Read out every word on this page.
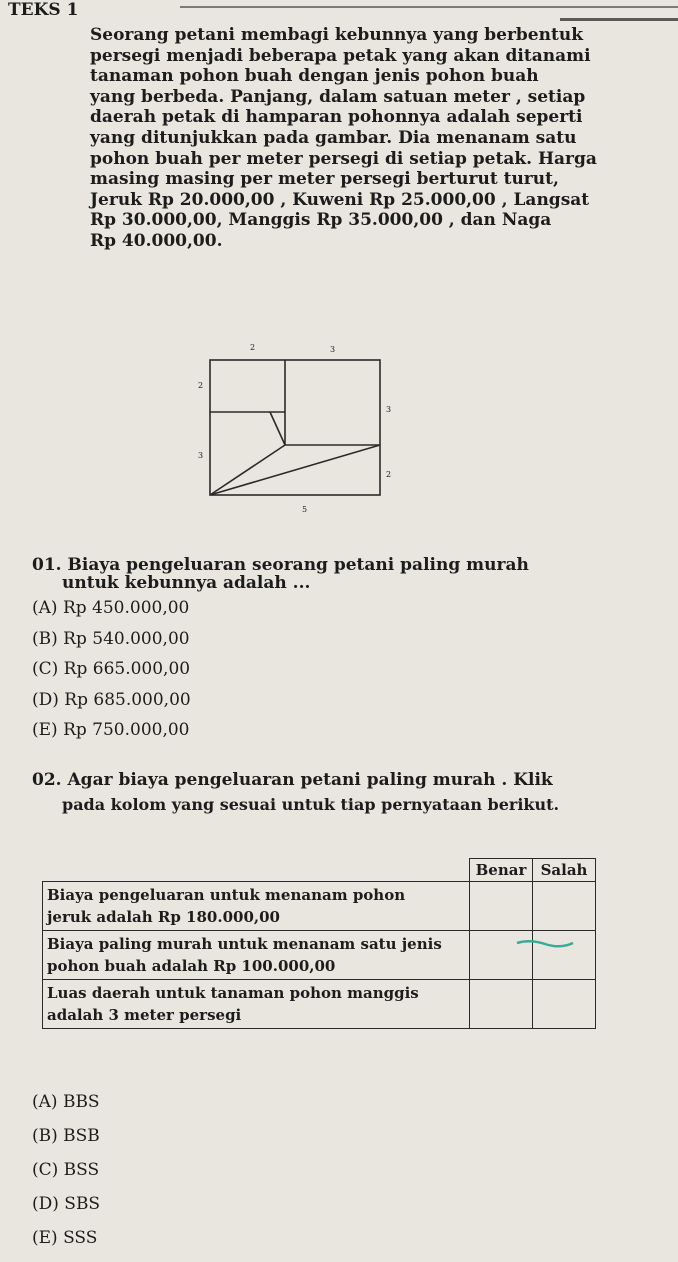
TEKS 1
Seorang petani membagi kebunnya yang berbentuk
persegi menjadi beberapa petak yang akan ditanami
tanaman pohon buah dengan jenis pohon buah
yang berbeda. Panjang, dalam satuan meter , setiap
daerah petak di hamparan pohonnya adalah seperti
yang ditunjukkan pada gambar. Dia menanam satu
pohon buah per meter persegi di setiap petak. Harga
masing masing per meter persegi berturut turut,
Jeruk Rp 20.000,00 , Kuweni Rp 25.000,00 , Langsat
Rp 30.000,00, Manggis Rp 35.000,00 , dan Naga
Rp 40.000,00.
2	3
2
3
3
2
5
01. Biaya pengeluaran seorang petani paling murah
untuk kebunnya adalah ...
(A) Rp 450.000,00
(B) Rp 540.000,00
(C) Rp 665.000,00
(D) Rp 685.000,00
(E) Rp 750.000,00
02. Agar biaya pengeluaran petani paling murah . Klik
pada kolom yang sesuai untuk tiap pernyataan berikut.
	Benar	Salah

Biaya pengeluaran untuk menanam pohon
jeruk adalah Rp 180.000,00		

Biaya paling murah untuk menanam satu jenis
pohon buah adalah Rp 100.000,00		

Luas daerah untuk tanaman pohon manggis
adalah 3 meter persegi		

(A) BBS
(B) BSB
(C) BSS
(D) SBS
(E) SSS
